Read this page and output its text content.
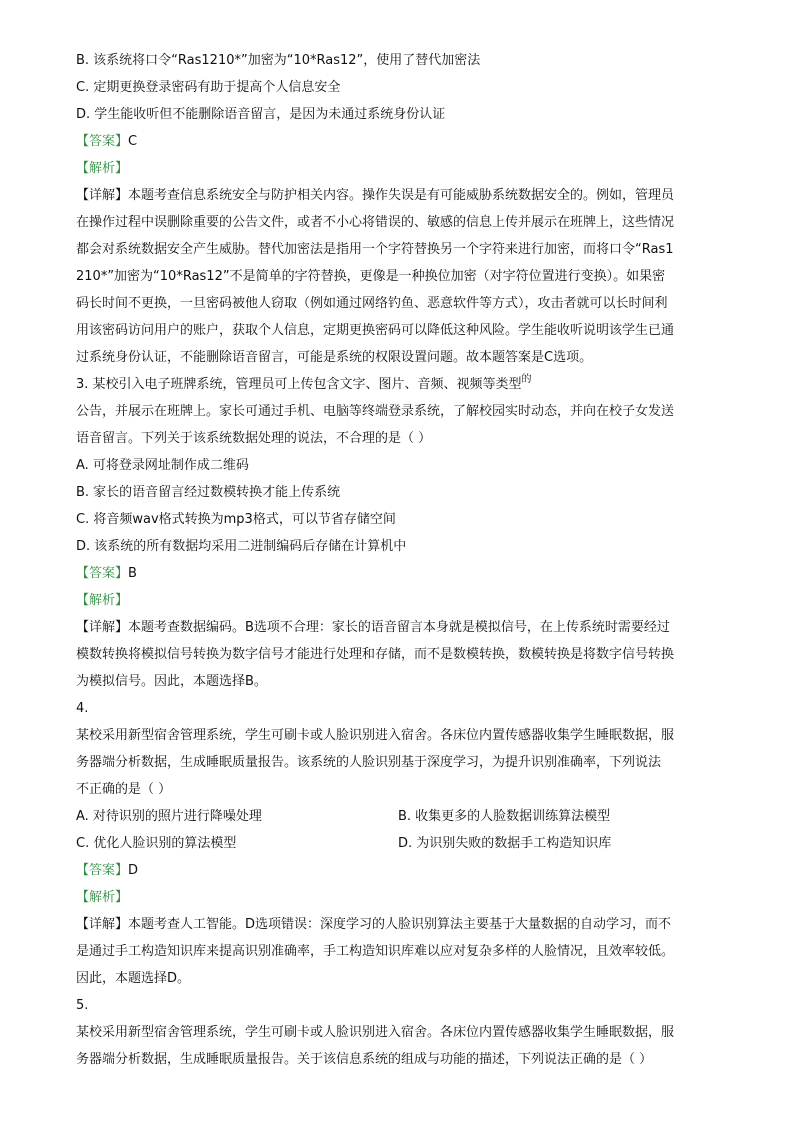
B. 该系统将口令“Ras1210*”加密为“10*Ras12”，使用了替代加密法
C. 定期更换登录密码有助于提高个人信息安全
D. 学生能收听但不能删除语音留言，是因为未通过系统身份认证
【答案】C
【解析】
【详解】本题考查信息系统安全与防护相关内容。操作失误是有可能威胁系统数据安全的。例如，管理员
在操作过程中误删除重要的公告文件，或者不小心将错误的、敏感的信息上传并展示在班牌上，这些情况
都会对系统数据安全产生威胁。替代加密法是指用一个字符替换另一个字符来进行加密，而将口令“Ras1
210*”加密为“10*Ras12”不是简单的字符替换，更像是一种换位加密（对字符位置进行变换）。如果密
码长时间不更换，一旦密码被他人窃取（例如通过网络钓鱼、恶意软件等方式），攻击者就可以长时间利
用该密码访问用户的账户，获取个人信息，定期更换密码可以降低这种风险。学生能收听说明该学生已通
过系统身份认证，不能删除语音留言，可能是系统的权限设置问题。故本题答案是C选项。
3. 某校引入电子班牌系统，管理员可上传包含文字、图片、音频、视频等类型$^的$
公告，并展示在班牌上。家长可通过手机、电脑等终端登录系统，了解校园实时动态，并向在校子女发送
语音留言。下列关于该系统数据处理的说法，不合理的是（ ）
A. 可将登录网址制作成二维码
B. 家长的语音留言经过数模转换才能上传系统
C. 将音频wav格式转换为mp3格式，可以节省存储空间
D. 该系统的所有数据均采用二进制编码后存储在计算机中
【答案】B
【解析】
【详解】本题考查数据编码。B选项不合理：家长的语音留言本身就是模拟信号，在上传系统时需要经过
模数转换将模拟信号转换为数字信号才能进行处理和存储，而不是数模转换，数模转换是将数字信号转换
为模拟信号。因此，本题选择B。
4.
某校采用新型宿舍管理系统，学生可刷卡或人脸识别进入宿舍。各床位内置传感器收集学生睡眠数据，服
务器端分析数据，生成睡眠质量报告。该系统的人脸识别基于深度学习，为提升识别准确率，下列说法
不正确的是（ ）
A. 对待识别的照片进行降噪处理	B. 收集更多的人脸数据训练算法模型
C. 优化人脸识别的算法模型	D. 为识别失败的数据手工构造知识库
【答案】D
【解析】
【详解】本题考查人工智能。D选项错误：深度学习的人脸识别算法主要基于大量数据的自动学习，而不
是通过手工构造知识库来提高识别准确率，手工构造知识库难以应对复杂多样的人脸情况，且效率较低。
因此，本题选择D。
5.
某校采用新型宿舍管理系统，学生可刷卡或人脸识别进入宿舍。各床位内置传感器收集学生睡眠数据，服
务器端分析数据，生成睡眠质量报告。关于该信息系统的组成与功能的描述，下列说法正确的是（ ）
